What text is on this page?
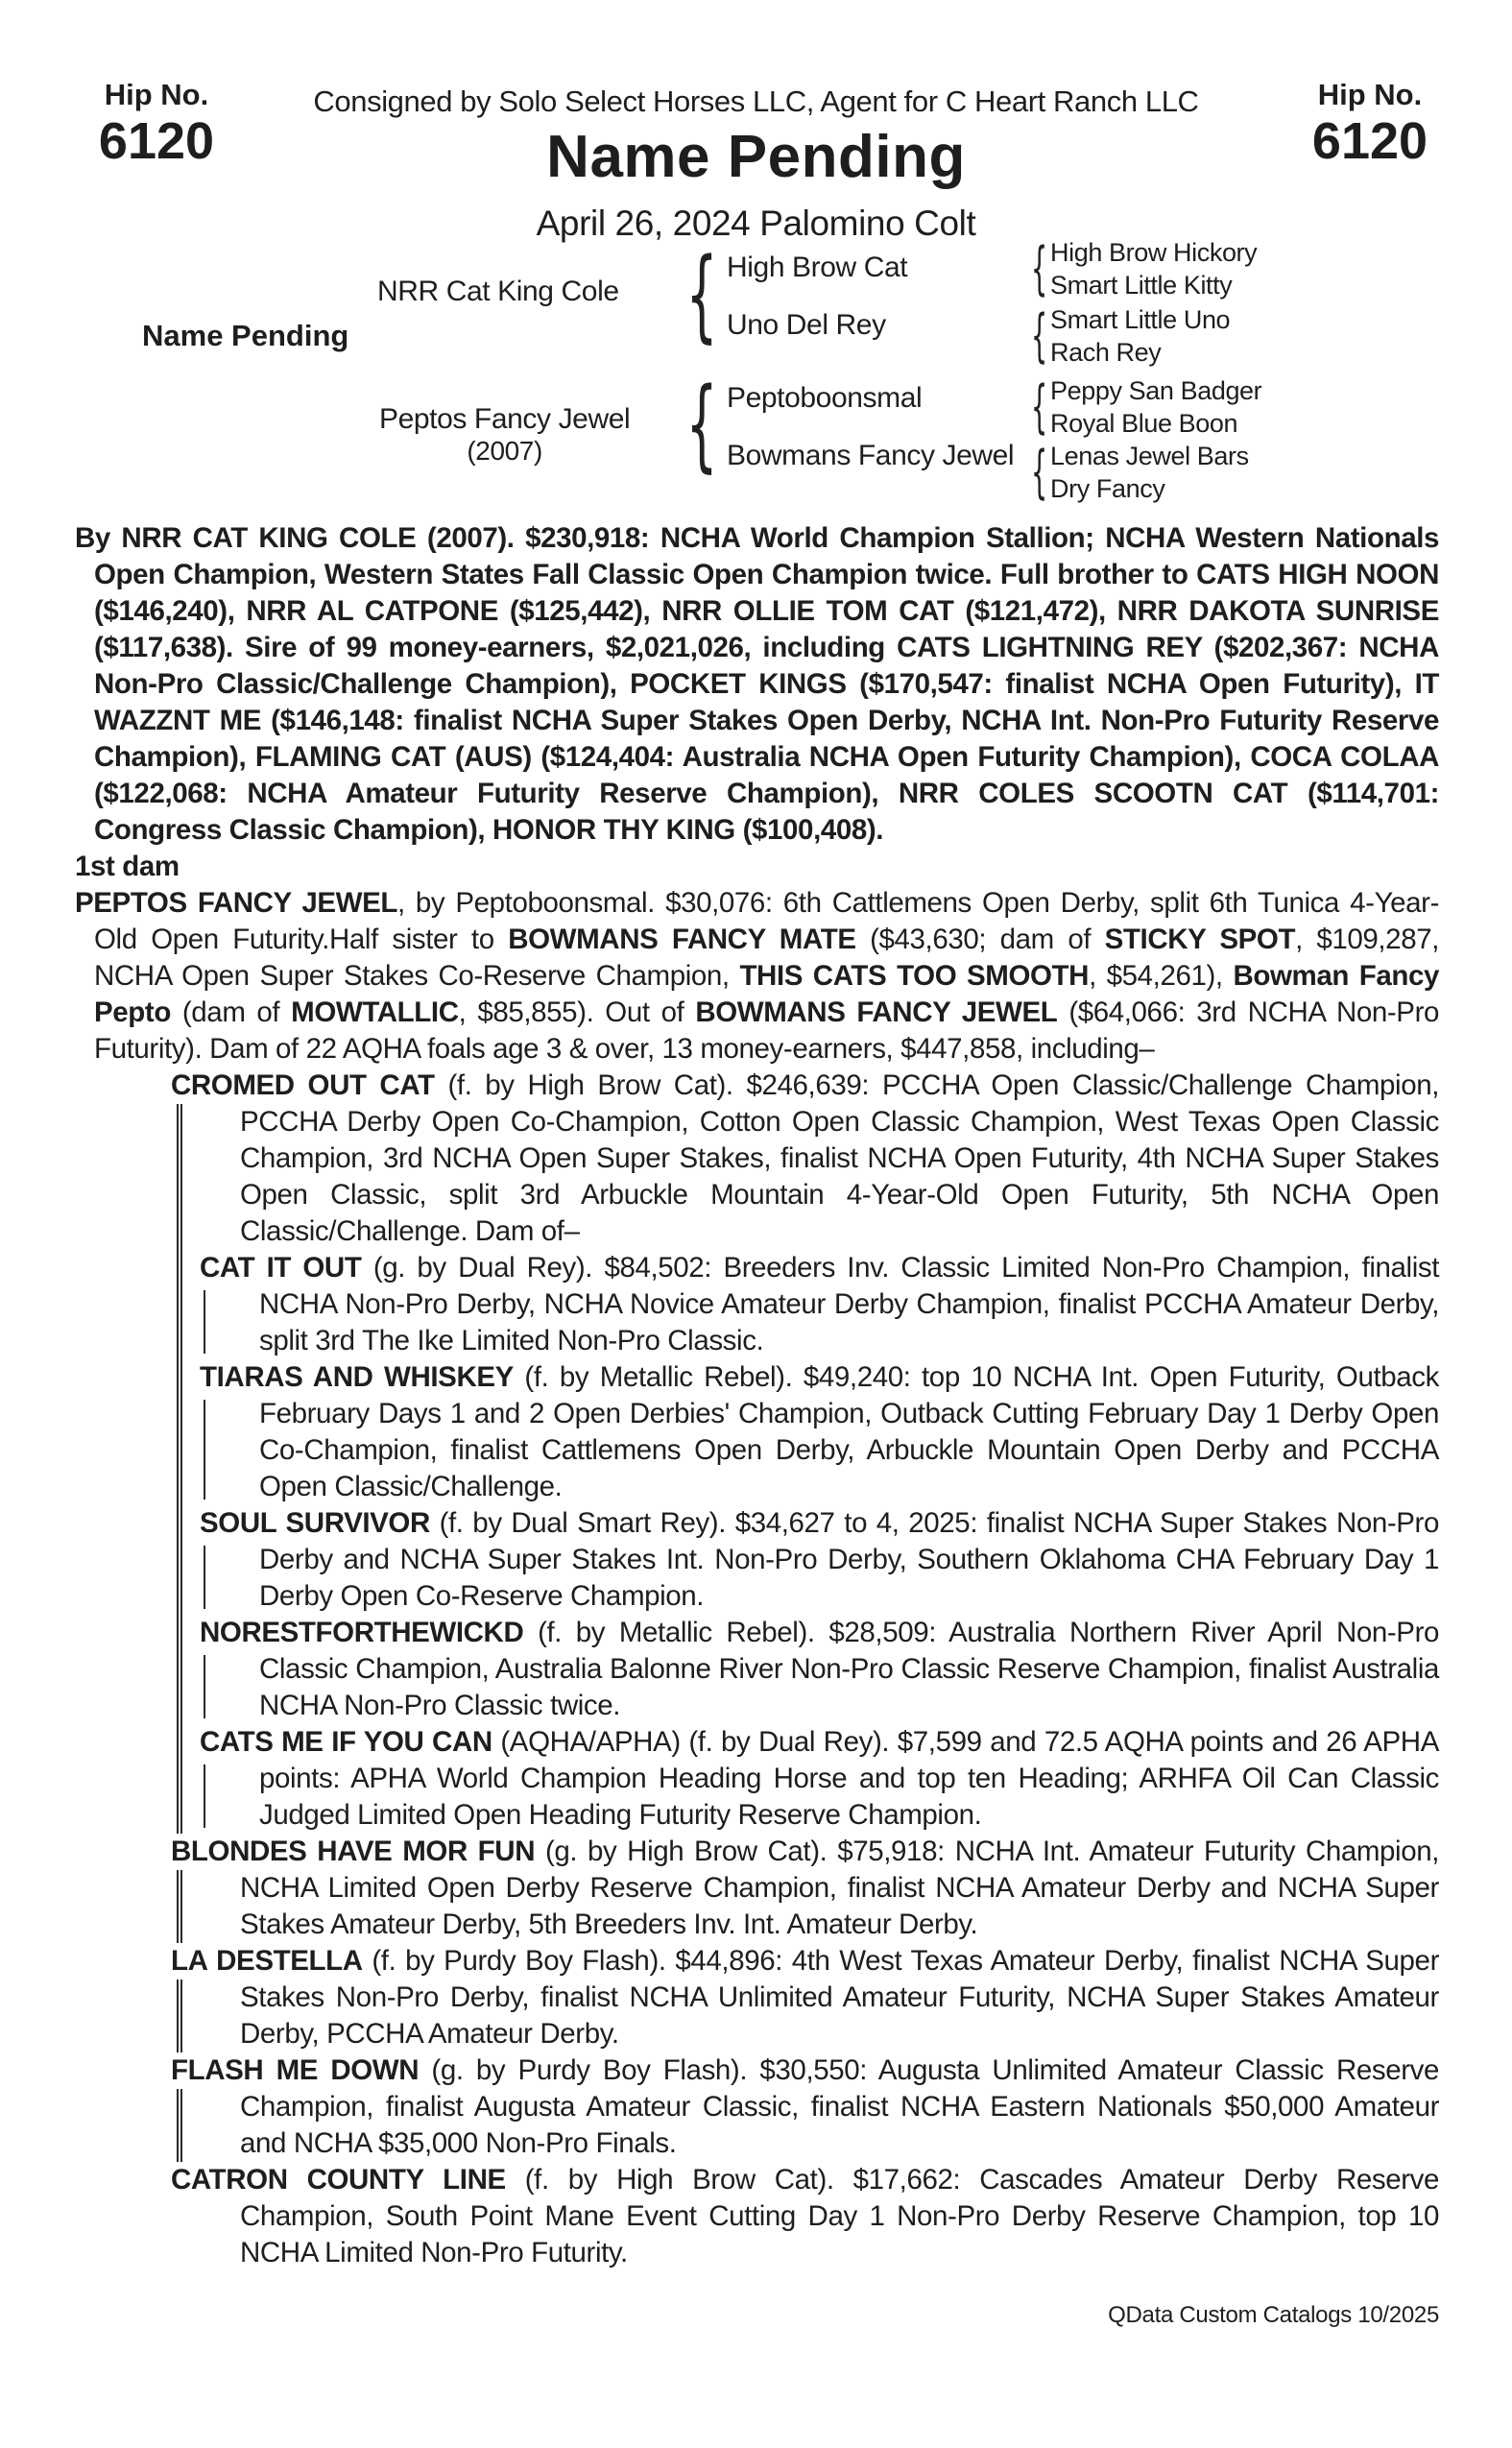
Hip No.
6120
Hip No.
6120
Consigned by Solo Select Horses LLC, Agent for C Heart Ranch LLC
Name Pending
April 26, 2024 Palomino Colt
Name Pending
NRR Cat King Cole
Peptos Fancy Jewel
(2007)
{
{
High Brow Cat
Uno Del Rey
Peptoboonsmal
Bowmans Fancy Jewel
{ High Brow Hickory
Smart Little Kitty
{ Smart Little Uno
Rach Rey
{ Peppy San Badger
Royal Blue Boon
{ Lenas Jewel Bars
Dry Fancy

By NRR CAT KING COLE (2007). $230,918: NCHA World Champion Stallion; NCHA Western Nationals Open Champion, Western States Fall Classic Open Champion twice. Full brother to CATS HIGH NOON ($146,240), NRR AL CATPONE ($125,442), NRR OLLIE TOM CAT ($121,472), NRR DAKOTA SUNRISE ($117,638). Sire of 99 money-earners, $2,021,026, including CATS LIGHTNING REY ($202,367: NCHA Non-Pro Classic/Challenge Champion), POCKET KINGS ($170,547: finalist NCHA Open Futurity), IT WAZZNT ME ($146,148: finalist NCHA Super Stakes Open Derby, NCHA Int. Non-Pro Futurity Reserve Champion), FLAMING CAT (AUS) ($124,404: Australia NCHA Open Futurity Champion), COCA COLAA ($122,068: NCHA Amateur Futurity Reserve Champion), NRR COLES SCOOTN CAT ($114,701: Congress Classic Champion), HONOR THY KING ($100,408).

1st dam

PEPTOS FANCY JEWEL, by Peptoboonsmal. $30,076: 6th Cattlemens Open Derby, split 6th Tunica 4-Year-Old Open Futurity.Half sister to BOWMANS FANCY MATE ($43,630; dam of STICKY SPOT, $109,287, NCHA Open Super Stakes Co-Reserve Champion, THIS CATS TOO SMOOTH, $54,261), Bowman Fancy Pepto (dam of MOWTALLIC, $85,855). Out of BOWMANS FANCY JEWEL ($64,066: 3rd NCHA Non-Pro Futurity). Dam of 22 AQHA foals age 3 & over, 13 money-earners, $447,858, including–

CROMED OUT CAT (f. by High Brow Cat). $246,639: PCCHA Open Classic/Challenge Champion, PCCHA Derby Open Co-Champion, Cotton Open Classic Champion, West Texas Open Classic Champion, 3rd NCHA Open Super Stakes, finalist NCHA Open Futurity, 4th NCHA Super Stakes Open Classic, split 3rd Arbuckle Mountain 4-Year-Old Open Futurity, 5th NCHA Open Classic/Challenge. Dam of–
CAT IT OUT (g. by Dual Rey). $84,502: Breeders Inv. Classic Limited Non-Pro Champion, finalist NCHA Non-Pro Derby, NCHA Novice Amateur Derby Champion, finalist PCCHA Amateur Derby, split 3rd The Ike Limited Non-Pro Classic.
TIARAS AND WHISKEY (f. by Metallic Rebel). $49,240: top 10 NCHA Int. Open Futurity, Outback February Days 1 and 2 Open Derbies' Champion, Outback Cutting February Day 1 Derby Open Co-Champion, finalist Cattlemens Open Derby, Arbuckle Mountain Open Derby and PCCHA Open Classic/Challenge.
SOUL SURVIVOR (f. by Dual Smart Rey). $34,627 to 4, 2025: finalist NCHA Super Stakes Non-Pro Derby and NCHA Super Stakes Int. Non-Pro Derby, Southern Oklahoma CHA February Day 1 Derby Open Co-Reserve Champion.
NORESTFORTHEWICKD (f. by Metallic Rebel). $28,509: Australia Northern River April Non-Pro Classic Champion, Australia Balonne River Non-Pro Classic Reserve Champion, finalist Australia NCHA Non-Pro Classic twice.
CATS ME IF YOU CAN (AQHA/APHA) (f. by Dual Rey). $7,599 and 72.5 AQHA points and 26 APHA points: APHA World Champion Heading Horse and top ten Heading; ARHFA Oil Can Classic Judged Limited Open Heading Futurity Reserve Champion.
BLONDES HAVE MOR FUN (g. by High Brow Cat). $75,918: NCHA Int. Amateur Futurity Champion, NCHA Limited Open Derby Reserve Champion, finalist NCHA Amateur Derby and NCHA Super Stakes Amateur Derby, 5th Breeders Inv. Int. Amateur Derby.
LA DESTELLA (f. by Purdy Boy Flash). $44,896: 4th West Texas Amateur Derby, finalist NCHA Super Stakes Non-Pro Derby, finalist NCHA Unlimited Amateur Futurity, NCHA Super Stakes Amateur Derby, PCCHA Amateur Derby.
FLASH ME DOWN (g. by Purdy Boy Flash). $30,550: Augusta Unlimited Amateur Classic Reserve Champion, finalist Augusta Amateur Classic, finalist NCHA Eastern Nationals $50,000 Amateur and NCHA $35,000 Non-Pro Finals.
CATRON COUNTY LINE (f. by High Brow Cat). $17,662: Cascades Amateur Derby Reserve Champion, South Point Mane Event Cutting Day 1 Non-Pro Derby Reserve Champion, top 10 NCHA Limited Non-Pro Futurity.
QData Custom Catalogs 10/2025
